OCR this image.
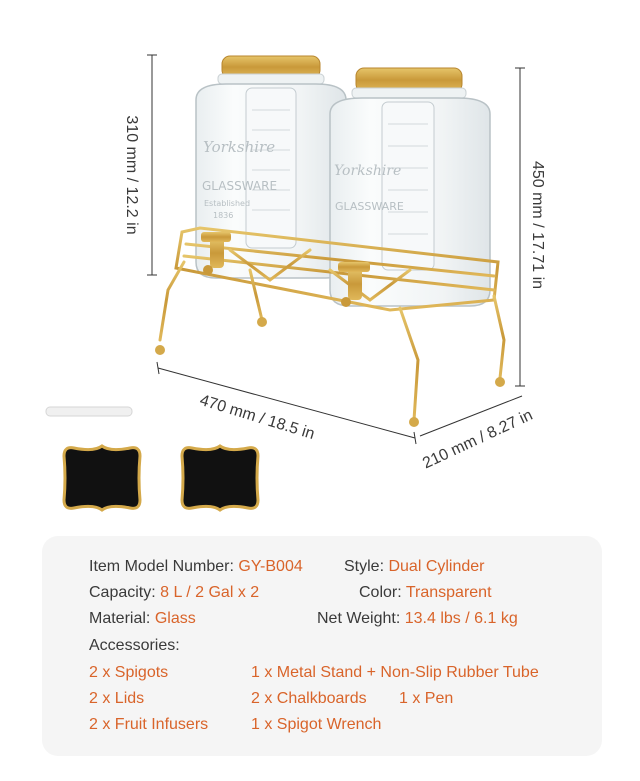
Yorkshire
GLASSWARE
Established
1836
Yorkshire
GLASSWARE
310 mm / 12.2 in	450 mm / 17.71 in
470 mm / 18.5 in	210 mm / 8.27 in
Item Model Number: GY-B004	Style: Dual Cylinder
Capacity: 8 L / 2 Gal x 2	Color: Transparent
Material: Glass	Net Weight: 13.4 lbs / 6.1 kg
Accessories:
2 x Spigots	1 x Metal Stand + Non-Slip Rubber Tube
2 x Lids	2 x Chalkboards 1 x Pen
2 x Fruit Infusers	1 x Spigot Wrench
